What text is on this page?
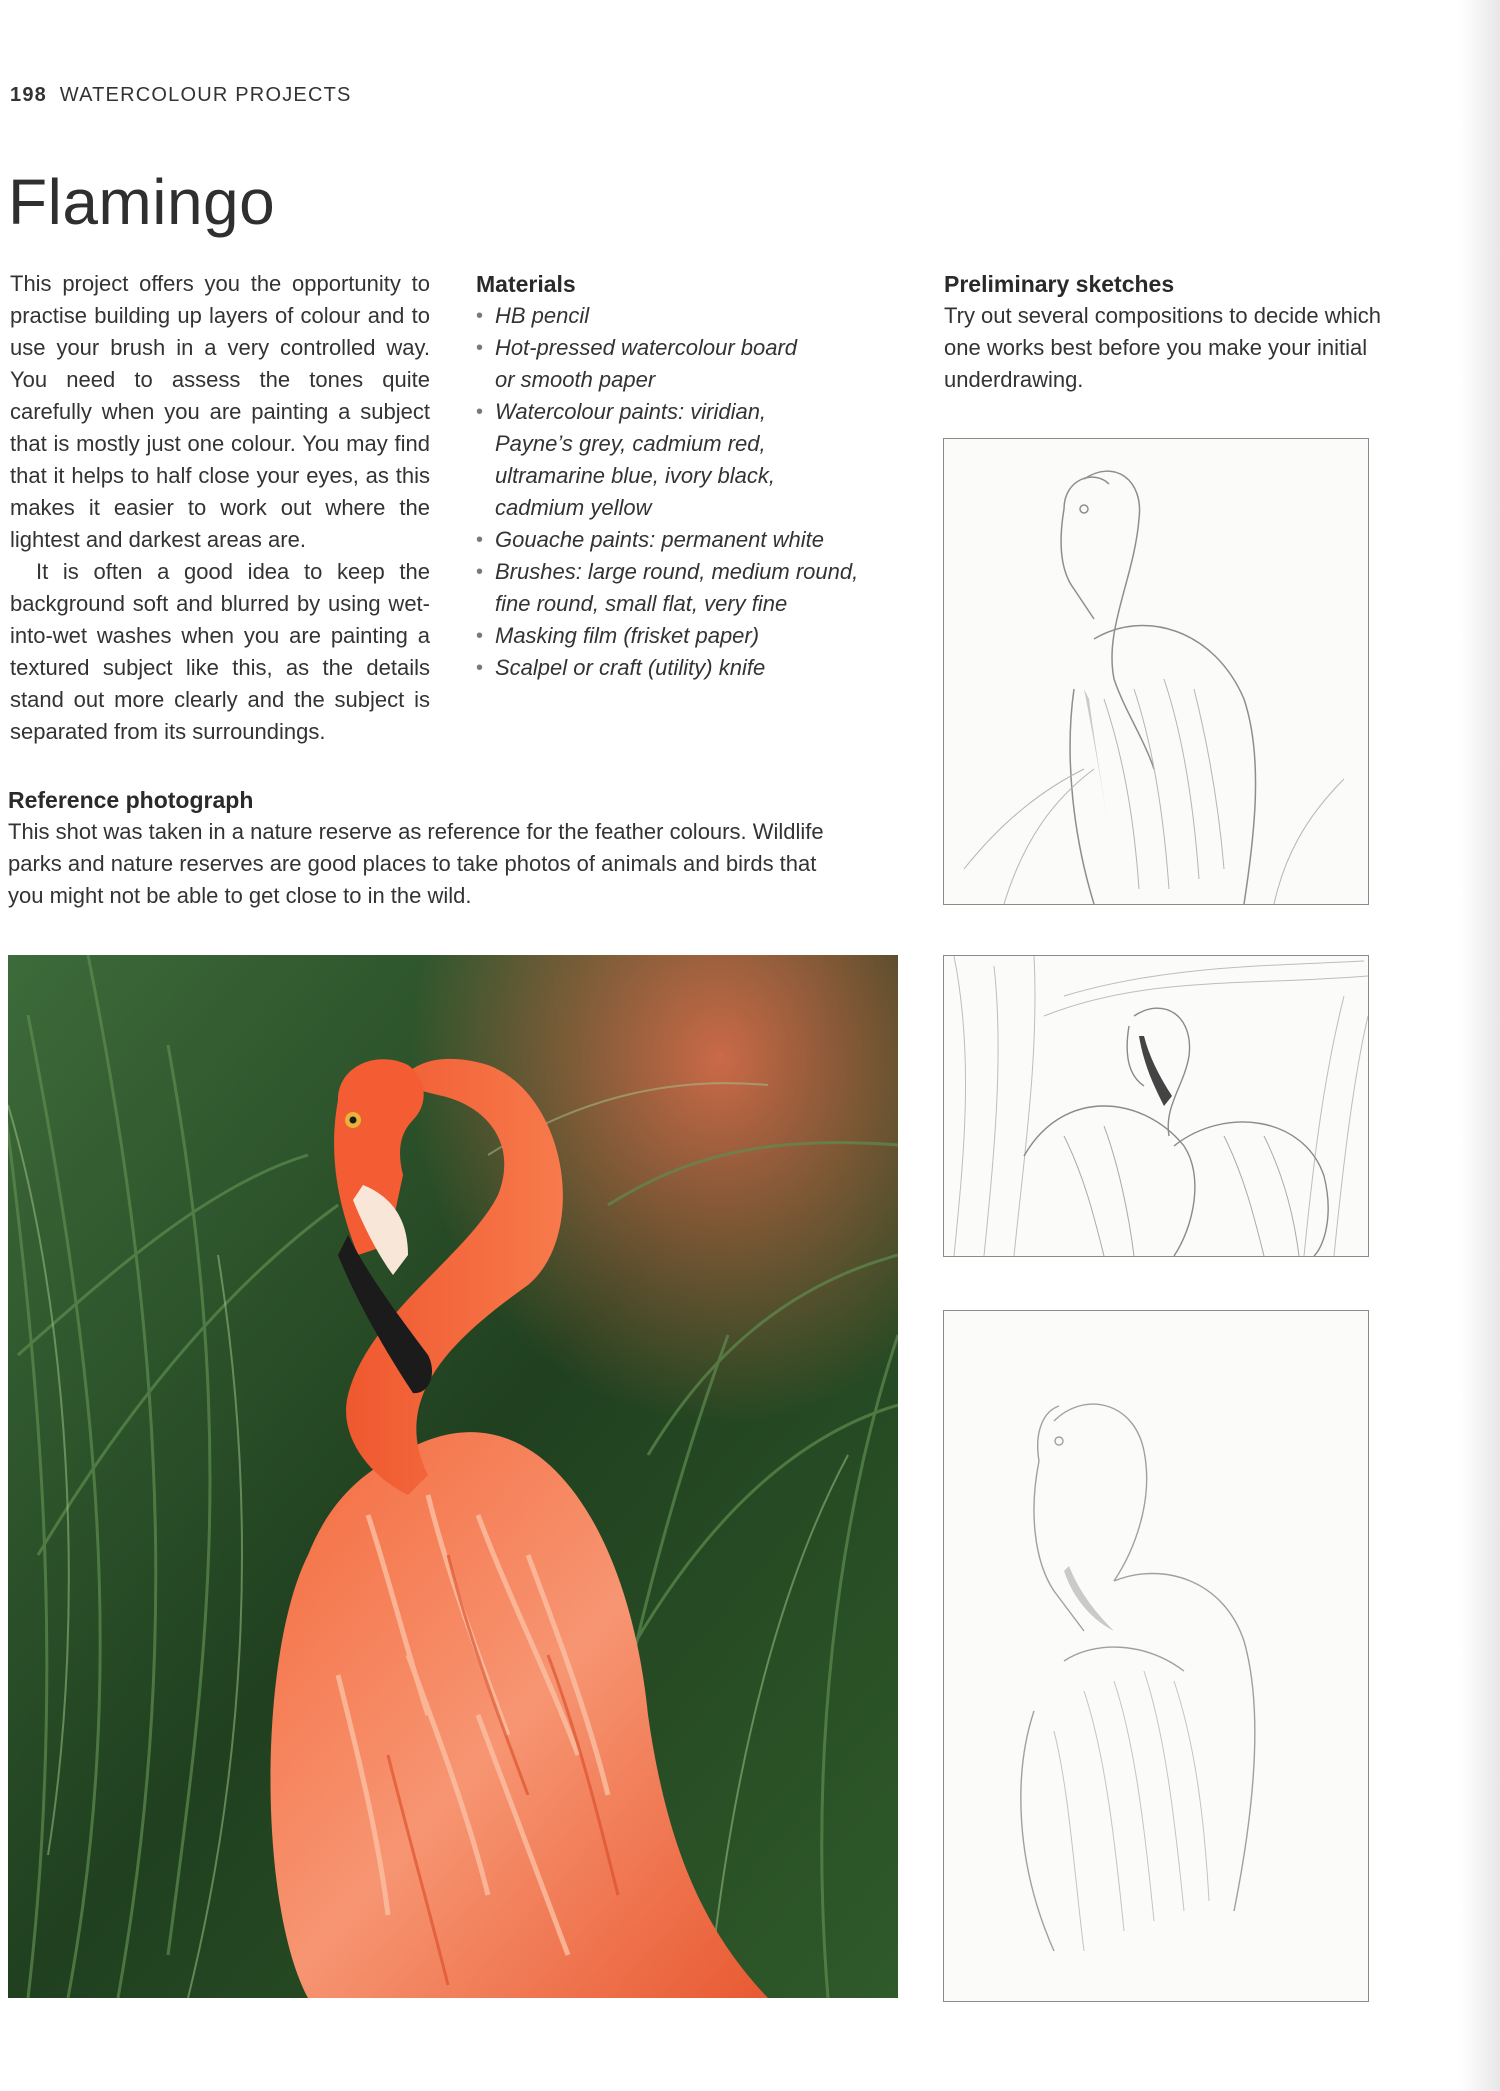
198 WATERCOLOUR PROJECTS
Flamingo

This project offers you the opportunity to practise building up layers of colour and to use your brush in a very controlled way. You need to assess the tones quite carefully when you are painting a subject that is mostly just one colour. You may find that it helps to half close your eyes, as this makes it easier to work out where the lightest and darkest areas are.

It is often a good idea to keep the background soft and blurred by using wet-into-wet washes when you are painting a textured subject like this, as the details stand out more clearly and the subject is separated from its surroundings.

Materials
• HB pencil
• Hot-pressed watercolour board
or smooth paper
• Watercolour paints: viridian,
Payne’s grey, cadmium red,
ultramarine blue, ivory black,
cadmium yellow
• Gouache paints: permanent white
• Brushes: large round, medium round,
fine round, small flat, very fine
• Masking film (frisket paper)
• Scalpel or craft (utility) knife
Preliminary sketches

Try out several compositions to decide which one works best before you make your initial underdrawing.

Reference photograph

This shot was taken in a nature reserve as reference for the feather colours. Wildlife parks and nature reserves are good places to take photos of animals and birds that you might not be able to get close to in the wild.
